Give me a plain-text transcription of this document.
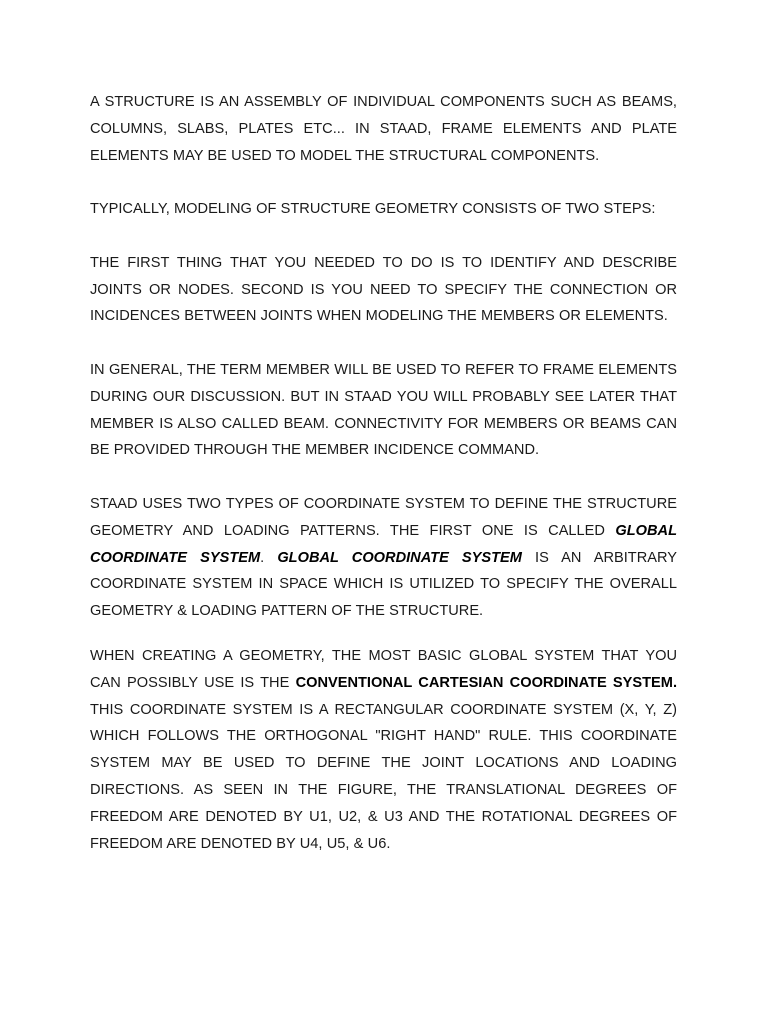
A STRUCTURE IS AN ASSEMBLY OF INDIVIDUAL COMPONENTS SUCH AS BEAMS, COLUMNS, SLABS, PLATES ETC... IN STAAD, FRAME ELEMENTS AND PLATE ELEMENTS MAY BE USED TO MODEL THE STRUCTURAL COMPONENTS.

TYPICALLY, MODELING OF STRUCTURE GEOMETRY CONSISTS OF TWO STEPS:

THE FIRST THING THAT YOU NEEDED TO DO IS TO IDENTIFY AND DESCRIBE JOINTS OR NODES. SECOND IS YOU NEED TO SPECIFY THE CONNECTION OR INCIDENCES BETWEEN JOINTS WHEN MODELING THE MEMBERS OR ELEMENTS.

IN GENERAL, THE TERM MEMBER WILL BE USED TO REFER TO FRAME ELEMENTS DURING OUR DISCUSSION. BUT IN STAAD YOU WILL PROBABLY SEE LATER THAT MEMBER IS ALSO CALLED BEAM. CONNECTIVITY FOR MEMBERS OR BEAMS CAN BE PROVIDED THROUGH THE MEMBER INCIDENCE COMMAND.

STAAD USES TWO TYPES OF COORDINATE SYSTEM TO DEFINE THE STRUCTURE GEOMETRY AND LOADING PATTERNS. THE FIRST ONE IS CALLED GLOBAL COORDINATE SYSTEM. GLOBAL COORDINATE SYSTEM IS AN ARBITRARY COORDINATE SYSTEM IN SPACE WHICH IS UTILIZED TO SPECIFY THE OVERALL GEOMETRY & LOADING PATTERN OF THE STRUCTURE.

WHEN CREATING A GEOMETRY, THE MOST BASIC GLOBAL SYSTEM THAT YOU CAN POSSIBLY USE IS THE CONVENTIONAL CARTESIAN COORDINATE SYSTEM. THIS COORDINATE SYSTEM IS A RECTANGULAR COORDINATE SYSTEM (X, Y, Z) WHICH FOLLOWS THE ORTHOGONAL "RIGHT HAND" RULE. THIS COORDINATE SYSTEM MAY BE USED TO DEFINE THE JOINT LOCATIONS AND LOADING DIRECTIONS. AS SEEN IN THE FIGURE, THE TRANSLATIONAL DEGREES OF FREEDOM ARE DENOTED BY U1, U2, & U3 AND THE ROTATIONAL DEGREES OF FREEDOM ARE DENOTED BY U4, U5, & U6.
